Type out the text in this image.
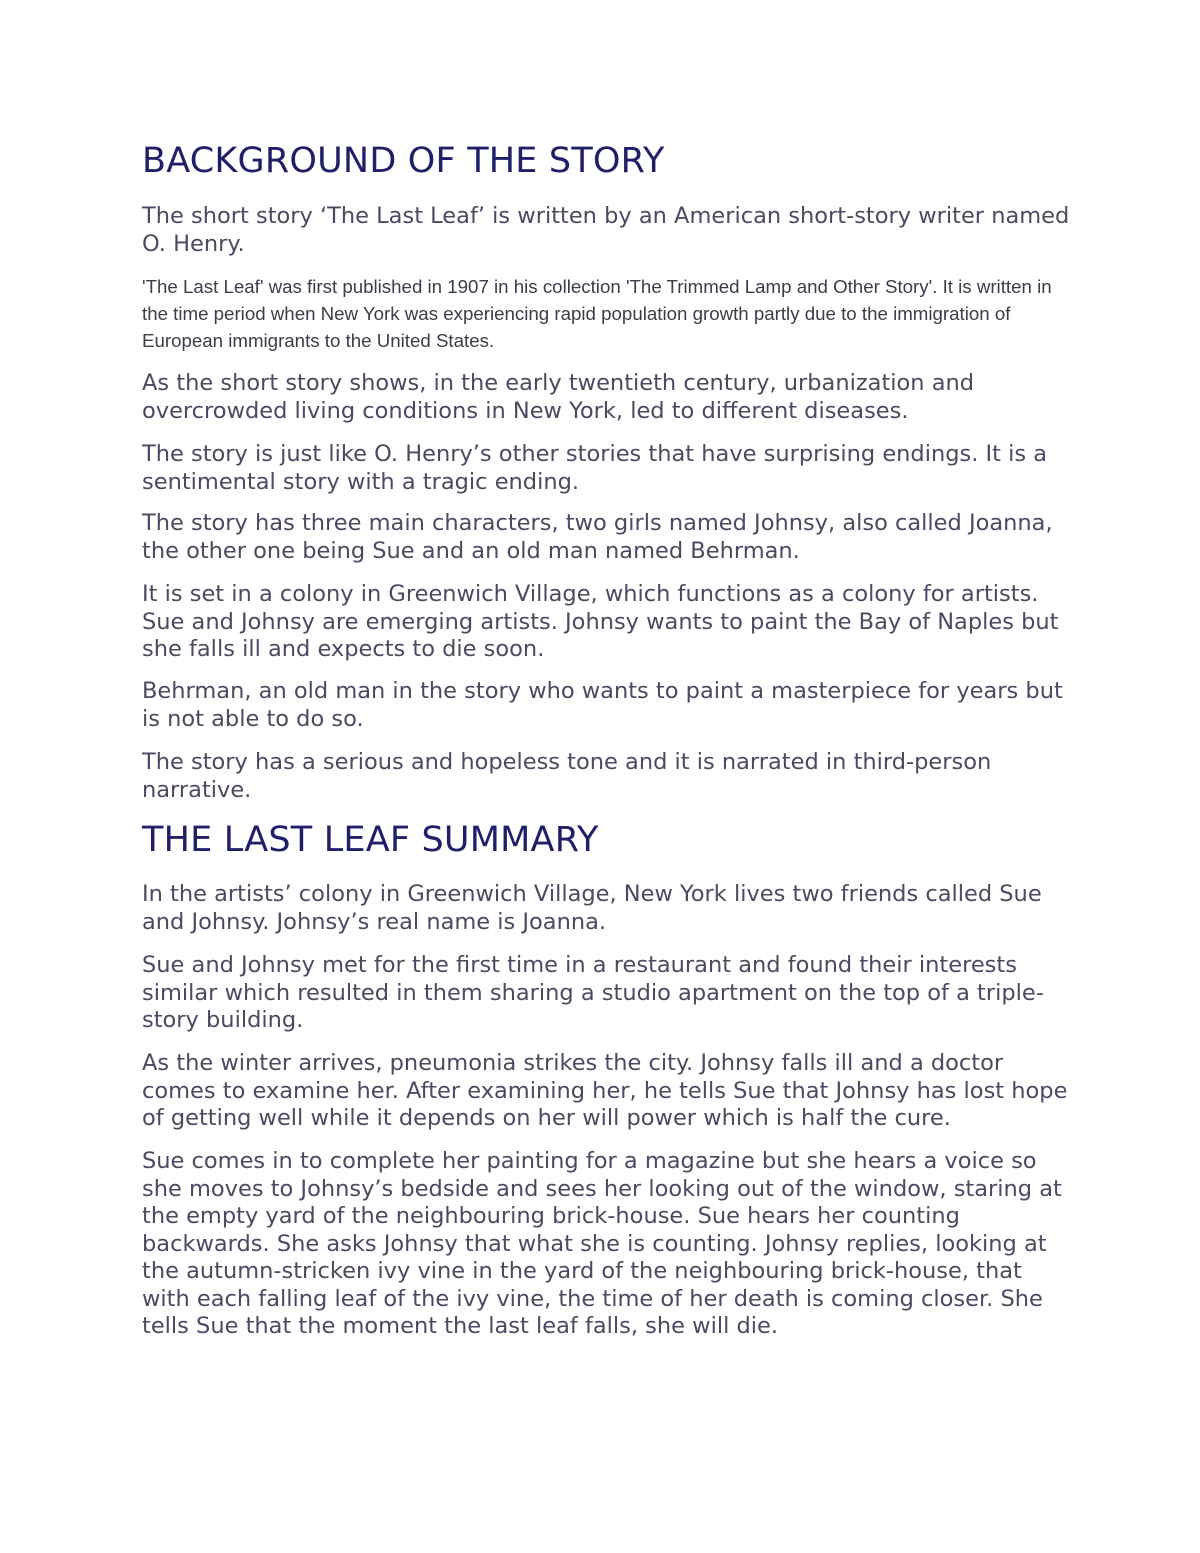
BACKGROUND OF THE STORY

The short story ‘The Last Leaf’ is written by an American short-story writer named O. Henry.

'The Last Leaf' was first published in 1907 in his collection 'The Trimmed Lamp and Other Story'. It is written in the time period when New York was experiencing rapid population growth partly due to the immigration of European immigrants to the United States.

As the short story shows, in the early twentieth century, urbanization and overcrowded living conditions in New York, led to different diseases.

The story is just like O. Henry’s other stories that have surprising endings. It is a sentimental story with a tragic ending.

The story has three main characters, two girls named Johnsy, also called Joanna, the other one being Sue and an old man named Behrman.

It is set in a colony in Greenwich Village, which functions as a colony for artists. Sue and Johnsy are emerging artists. Johnsy wants to paint the Bay of Naples but she falls ill and expects to die soon.

Behrman, an old man in the story who wants to paint a masterpiece for years but is not able to do so.

The story has a serious and hopeless tone and it is narrated in third-person narrative.

THE LAST LEAF SUMMARY

In the artists’ colony in Greenwich Village, New York lives two friends called Sue and Johnsy. Johnsy’s real name is Joanna.

Sue and Johnsy met for the first time in a restaurant and found their interests similar which resulted in them sharing a studio apartment on the top of a triple-story building.

As the winter arrives, pneumonia strikes the city. Johnsy falls ill and a doctor comes to examine her. After examining her, he tells Sue that Johnsy has lost hope of getting well while it depends on her will power which is half the cure.

Sue comes in to complete her painting for a magazine but she hears a voice so she moves to Johnsy’s bedside and sees her looking out of the window, staring at the empty yard of the neighbouring brick-house. Sue hears her counting backwards. She asks Johnsy that what she is counting. Johnsy replies, looking at the autumn-stricken ivy vine in the yard of the neighbouring brick-house, that with each falling leaf of the ivy vine, the time of her death is coming closer. She tells Sue that the moment the last leaf falls, she will die.
